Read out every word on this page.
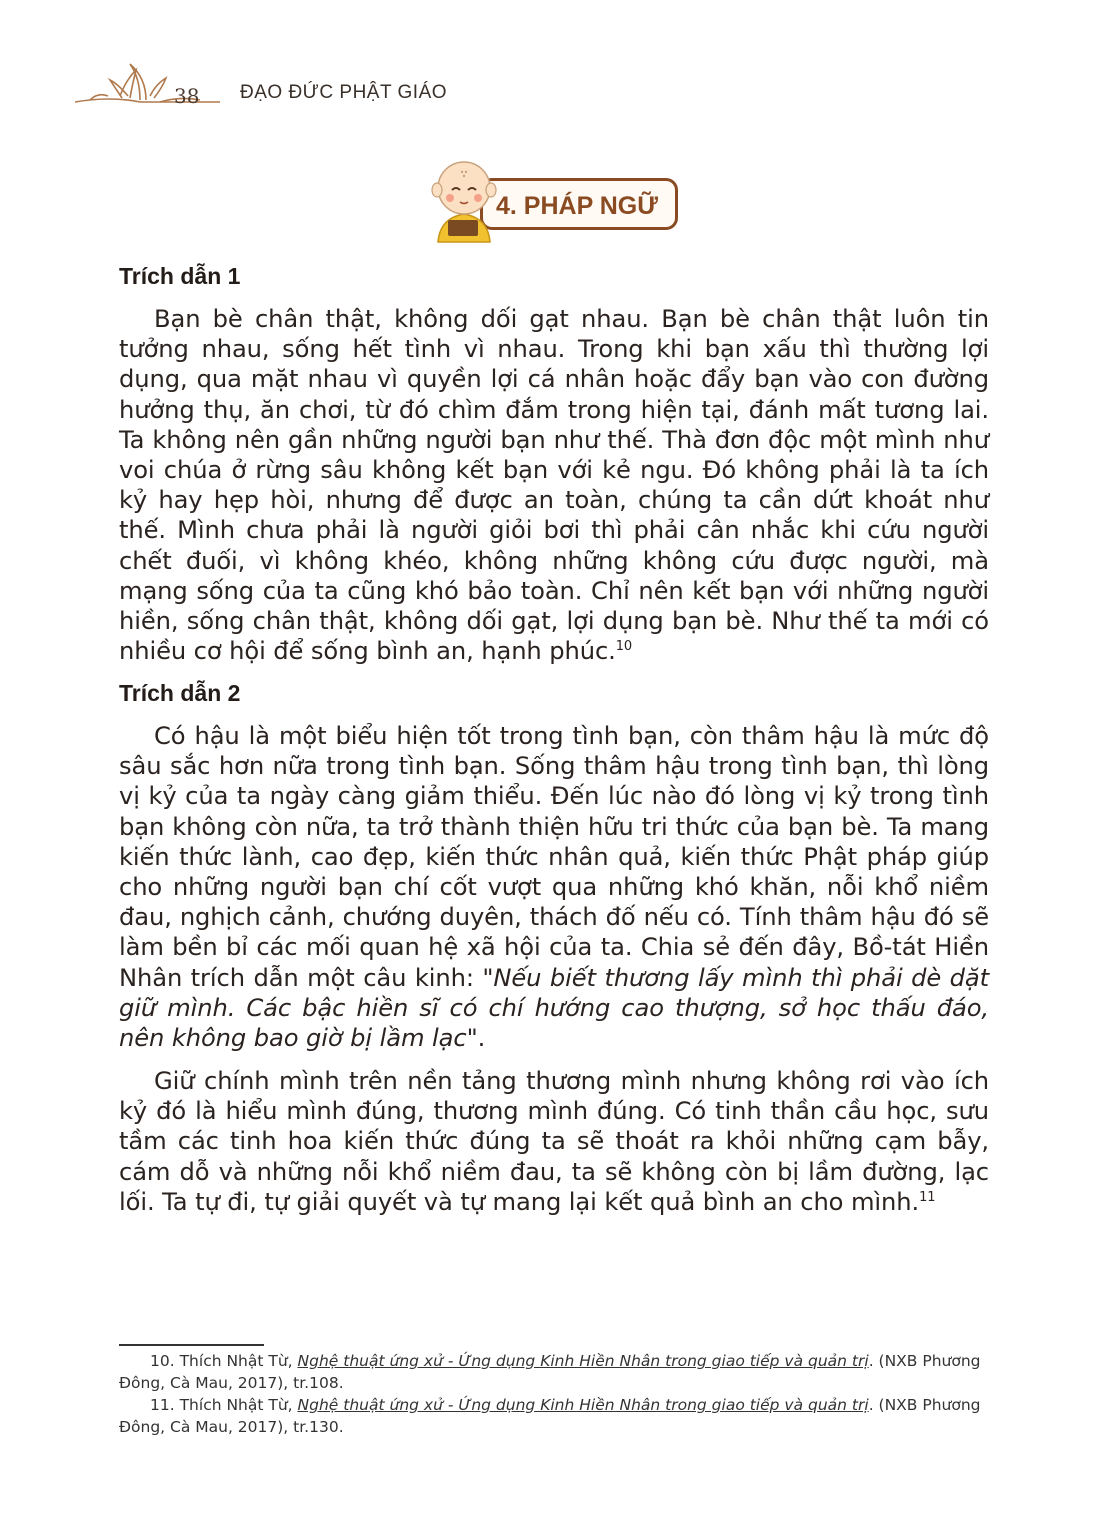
38 ĐẠO ĐỨC PHẬT GIÁO
4. PHÁP NGỮ
Trích dẫn 1

Bạn bè chân thật, không dối gạt nhau. Bạn bè chân thật luôn tin tưởng nhau, sống hết tình vì nhau. Trong khi bạn xấu thì thường lợi dụng, qua mặt nhau vì quyền lợi cá nhân hoặc đẩy bạn vào con đường hưởng thụ, ăn chơi, từ đó chìm đắm trong hiện tại, đánh mất tương lai. Ta không nên gần những người bạn như thế. Thà đơn độc một mình như voi chúa ở rừng sâu không kết bạn với kẻ ngu. Đó không phải là ta ích kỷ hay hẹp hòi, nhưng để được an toàn, chúng ta cần dứt khoát như thế. Mình chưa phải là người giỏi bơi thì phải cân nhắc khi cứu người chết đuối, vì không khéo, không những không cứu được người, mà mạng sống của ta cũng khó bảo toàn. Chỉ nên kết bạn với những người hiền, sống chân thật, không dối gạt, lợi dụng bạn bè. Như thế ta mới có nhiều cơ hội để sống bình an, hạnh phúc.$^{10}$

Trích dẫn 2

Có hậu là một biểu hiện tốt trong tình bạn, còn thâm hậu là mức độ sâu sắc hơn nữa trong tình bạn. Sống thâm hậu trong tình bạn, thì lòng vị kỷ của ta ngày càng giảm thiểu. Đến lúc nào đó lòng vị kỷ trong tình bạn không còn nữa, ta trở thành thiện hữu tri thức của bạn bè. Ta mang kiến thức lành, cao đẹp, kiến thức nhân quả, kiến thức Phật pháp giúp cho những người bạn chí cốt vượt qua những khó khăn, nỗi khổ niềm đau, nghịch cảnh, chướng duyên, thách đố nếu có. Tính thâm hậu đó sẽ làm bền bỉ các mối quan hệ xã hội của ta. Chia sẻ đến đây, Bồ-tát Hiền Nhân trích dẫn một câu kinh: "Nếu biết thương lấy mình thì phải dè dặt giữ mình. Các bậc hiền sĩ có chí hướng cao thượng, sở học thấu đáo, nên không bao giờ bị lầm lạc".

Giữ chính mình trên nền tảng thương mình nhưng không rơi vào ích kỷ đó là hiểu mình đúng, thương mình đúng. Có tinh thần cầu học, sưu tầm các tinh hoa kiến thức đúng ta sẽ thoát ra khỏi những cạm bẫy, cám dỗ và những nỗi khổ niềm đau, ta sẽ không còn bị lầm đường, lạc lối. Ta tự đi, tự giải quyết và tự mang lại kết quả bình an cho mình.$^{11}$

10. Thích Nhật Từ, Nghệ thuật ứng xử - Ứng dụng Kinh Hiền Nhân trong giao tiếp và quản trị. (NXB Phương Đông, Cà Mau, 2017), tr.108.

11. Thích Nhật Từ, Nghệ thuật ứng xử - Ứng dụng Kinh Hiền Nhân trong giao tiếp và quản trị. (NXB Phương Đông, Cà Mau, 2017), tr.130.
